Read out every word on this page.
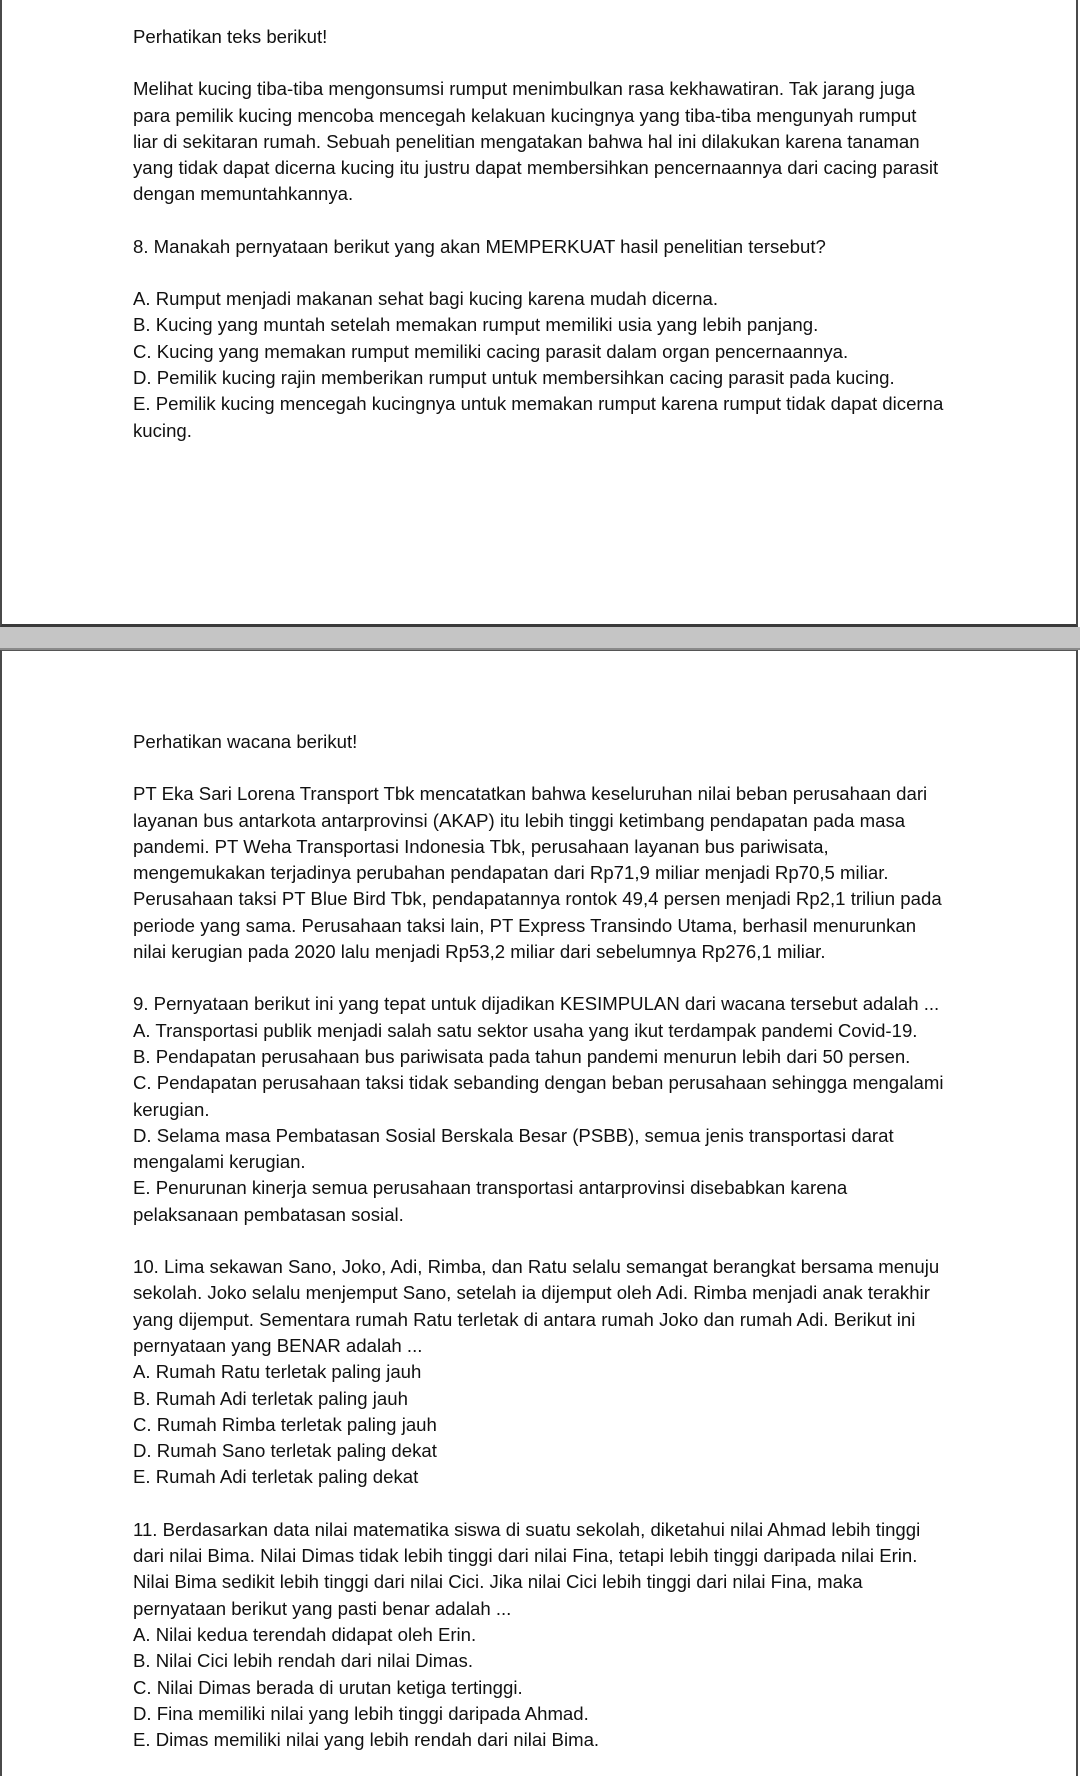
Perhatikan teks berikut!
Melihat kucing tiba-tiba mengonsumsi rumput menimbulkan rasa kekhawatiran. Tak jarang juga
para pemilik kucing mencoba mencegah kelakuan kucingnya yang tiba-tiba mengunyah rumput
liar di sekitaran rumah. Sebuah penelitian mengatakan bahwa hal ini dilakukan karena tanaman
yang tidak dapat dicerna kucing itu justru dapat membersihkan pencernaannya dari cacing parasit
dengan memuntahkannya.
8. Manakah pernyataan berikut yang akan MEMPERKUAT hasil penelitian tersebut?
A. Rumput menjadi makanan sehat bagi kucing karena mudah dicerna.
B. Kucing yang muntah setelah memakan rumput memiliki usia yang lebih panjang.
C. Kucing yang memakan rumput memiliki cacing parasit dalam organ pencernaannya.
D. Pemilik kucing rajin memberikan rumput untuk membersihkan cacing parasit pada kucing.
E. Pemilik kucing mencegah kucingnya untuk memakan rumput karena rumput tidak dapat dicerna
kucing.
Perhatikan wacana berikut!
PT Eka Sari Lorena Transport Tbk mencatatkan bahwa keseluruhan nilai beban perusahaan dari
layanan bus antarkota antarprovinsi (AKAP) itu lebih tinggi ketimbang pendapatan pada masa
pandemi. PT Weha Transportasi Indonesia Tbk, perusahaan layanan bus pariwisata,
mengemukakan terjadinya perubahan pendapatan dari Rp71,9 miliar menjadi Rp70,5 miliar.
Perusahaan taksi PT Blue Bird Tbk, pendapatannya rontok 49,4 persen menjadi Rp2,1 triliun pada
periode yang sama. Perusahaan taksi lain, PT Express Transindo Utama, berhasil menurunkan
nilai kerugian pada 2020 lalu menjadi Rp53,2 miliar dari sebelumnya Rp276,1 miliar.
9. Pernyataan berikut ini yang tepat untuk dijadikan KESIMPULAN dari wacana tersebut adalah ...
A. Transportasi publik menjadi salah satu sektor usaha yang ikut terdampak pandemi Covid-19.
B. Pendapatan perusahaan bus pariwisata pada tahun pandemi menurun lebih dari 50 persen.
C. Pendapatan perusahaan taksi tidak sebanding dengan beban perusahaan sehingga mengalami
kerugian.
D. Selama masa Pembatasan Sosial Berskala Besar (PSBB), semua jenis transportasi darat
mengalami kerugian.
E. Penurunan kinerja semua perusahaan transportasi antarprovinsi disebabkan karena
pelaksanaan pembatasan sosial.
10. Lima sekawan Sano, Joko, Adi, Rimba, dan Ratu selalu semangat berangkat bersama menuju
sekolah. Joko selalu menjemput Sano, setelah ia dijemput oleh Adi. Rimba menjadi anak terakhir
yang dijemput. Sementara rumah Ratu terletak di antara rumah Joko dan rumah Adi. Berikut ini
pernyataan yang BENAR adalah ...
A. Rumah Ratu terletak paling jauh
B. Rumah Adi terletak paling jauh
C. Rumah Rimba terletak paling jauh
D. Rumah Sano terletak paling dekat
E. Rumah Adi terletak paling dekat
11. Berdasarkan data nilai matematika siswa di suatu sekolah, diketahui nilai Ahmad lebih tinggi
dari nilai Bima. Nilai Dimas tidak lebih tinggi dari nilai Fina, tetapi lebih tinggi daripada nilai Erin.
Nilai Bima sedikit lebih tinggi dari nilai Cici. Jika nilai Cici lebih tinggi dari nilai Fina, maka
pernyataan berikut yang pasti benar adalah ...
A. Nilai kedua terendah didapat oleh Erin.
B. Nilai Cici lebih rendah dari nilai Dimas.
C. Nilai Dimas berada di urutan ketiga tertinggi.
D. Fina memiliki nilai yang lebih tinggi daripada Ahmad.
E. Dimas memiliki nilai yang lebih rendah dari nilai Bima.
